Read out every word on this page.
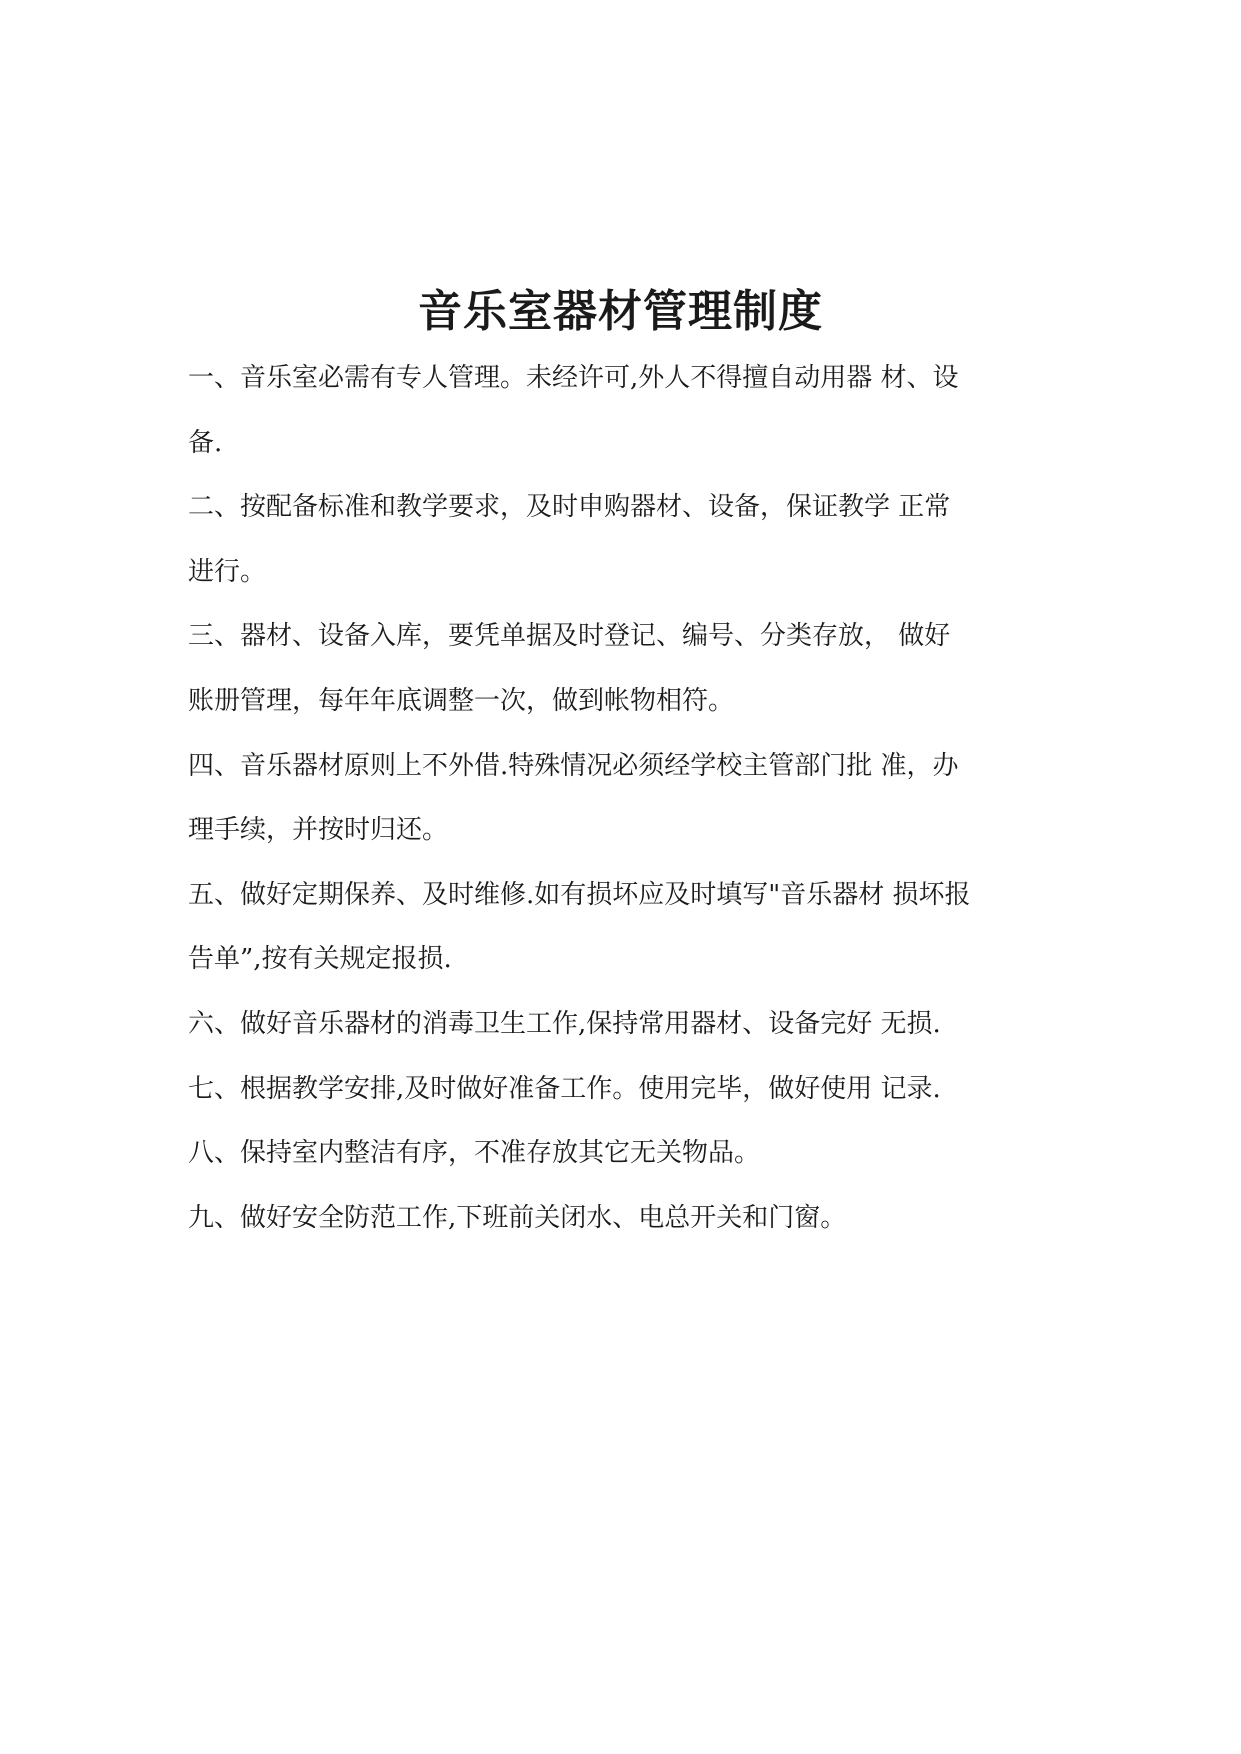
音乐室器材管理制度

一、音乐室必需有专人管理。未经许可,外人不得擅自动用器 材、设

备.

二、按配备标准和教学要求，及时申购器材、设备，保证教学 正常

进行。

三、器材、设备入库，要凭单据及时登记、编号、分类存放， 做好

账册管理，每年年底调整一次，做到帐物相符。

四、音乐器材原则上不外借.特殊情况必须经学校主管部门批 准，办

理手续，并按时归还。

五、做好定期保养、及时维修.如有损坏应及时填写"音乐器材 损坏报

告单”,按有关规定报损.

六、做好音乐器材的消毒卫生工作,保持常用器材、设备完好 无损.

七、根据教学安排,及时做好准备工作。使用完毕，做好使用 记录.

八、保持室内整洁有序，不准存放其它无关物品。

九、做好安全防范工作,下班前关闭水、电总开关和门窗。
